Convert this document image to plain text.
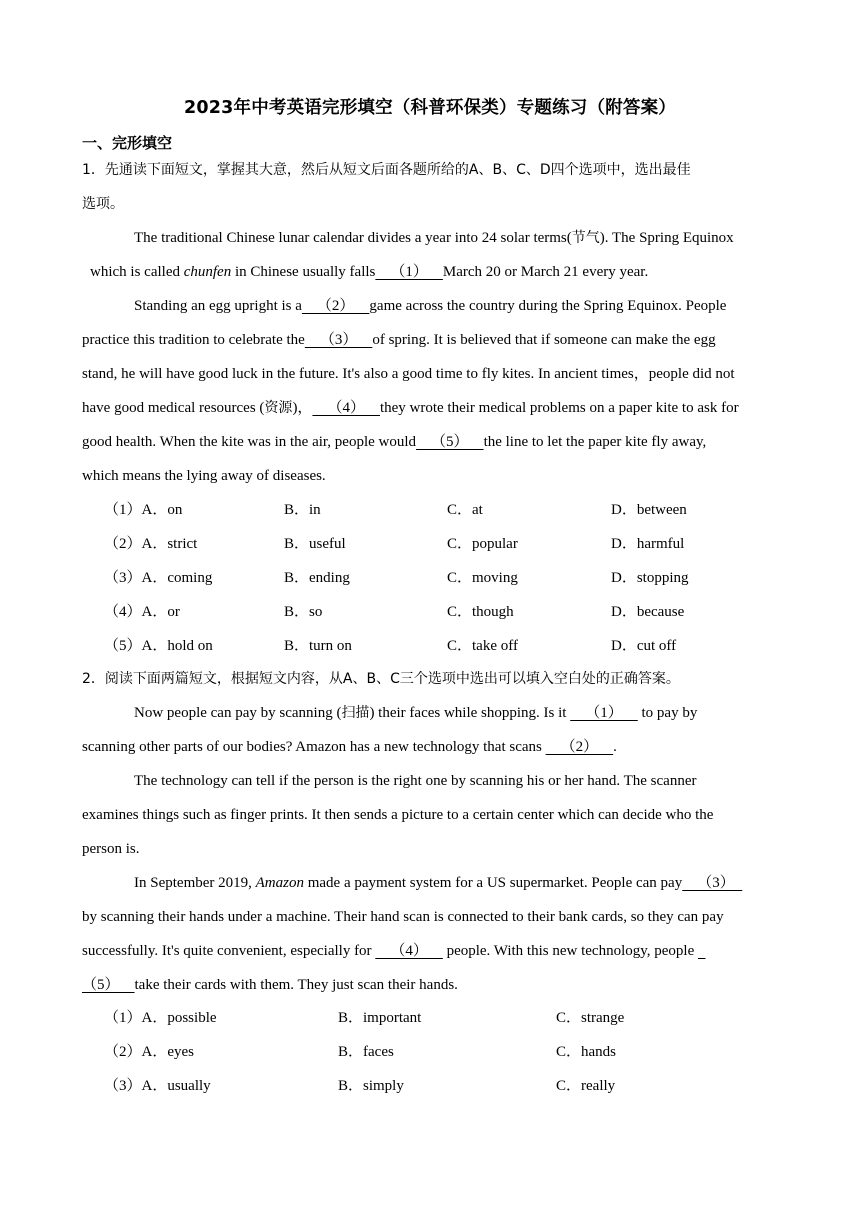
2023年中考英语完形填空（科普环保类）专题练习（附答案）
一、完形填空
1．先通读下面短文，掌握其大意，然后从短文后面各题所给的A、B、C、D四个选项中，选出最佳
选项。
The traditional Chinese lunar calendar divides a year into 24 solar terms(节气). The Spring Equinox
which is called chunfen in Chinese usually falls    （1）    March 20 or March 21 every year.
Standing an egg upright is a    （2）    game across the country during the Spring Equinox. People
practice this tradition to celebrate the    （3）    of spring. It is believed that if someone can make the egg
stand, he will have good luck in the future. It's also a good time to fly kites. In ancient times，people did not
have good medical resources (资源)，    （4）    they wrote their medical problems on a paper kite to ask for
good health. When the kite was in the air, people would    （5）    the line to let the paper kite fly away,
which means the lying away of diseases.
（1）A．on	B．in	C．at	D．between
（2）A．strict	B．useful	C．popular	D．harmful
（3）A．coming	B．ending	C．moving	D．stopping
（4）A．or	B．so	C．though	D．because
（5）A．hold on	B．turn on	C．take off	D．cut off
2．阅读下面两篇短文，根据短文内容，从A、B、C三个选项中选出可以填入空白处的正确答案。
Now people can pay by scanning (扫描) their faces while shopping. Is it     （1）     to pay by
scanning other parts of our bodies? Amazon has a new technology that scans     （2）    .
The technology can tell if the person is the right one by scanning his or her hand. The scanner
examines things such as finger prints. It then sends a picture to a certain center which can decide who the
person is.
In September 2019, Amazon made a payment system for a US supermarket. People can pay    （3）
by scanning their hands under a machine. Their hand scan is connected to their bank cards, so they can pay
successfully. It's quite convenient, especially for     （4）     people. With this new technology, people
（5）    take their cards with them. They just scan their hands.
（1）A．possible	B．important	C．strange
（2）A．eyes	B．faces	C．hands
（3）A．usually	B．simply	C．really
